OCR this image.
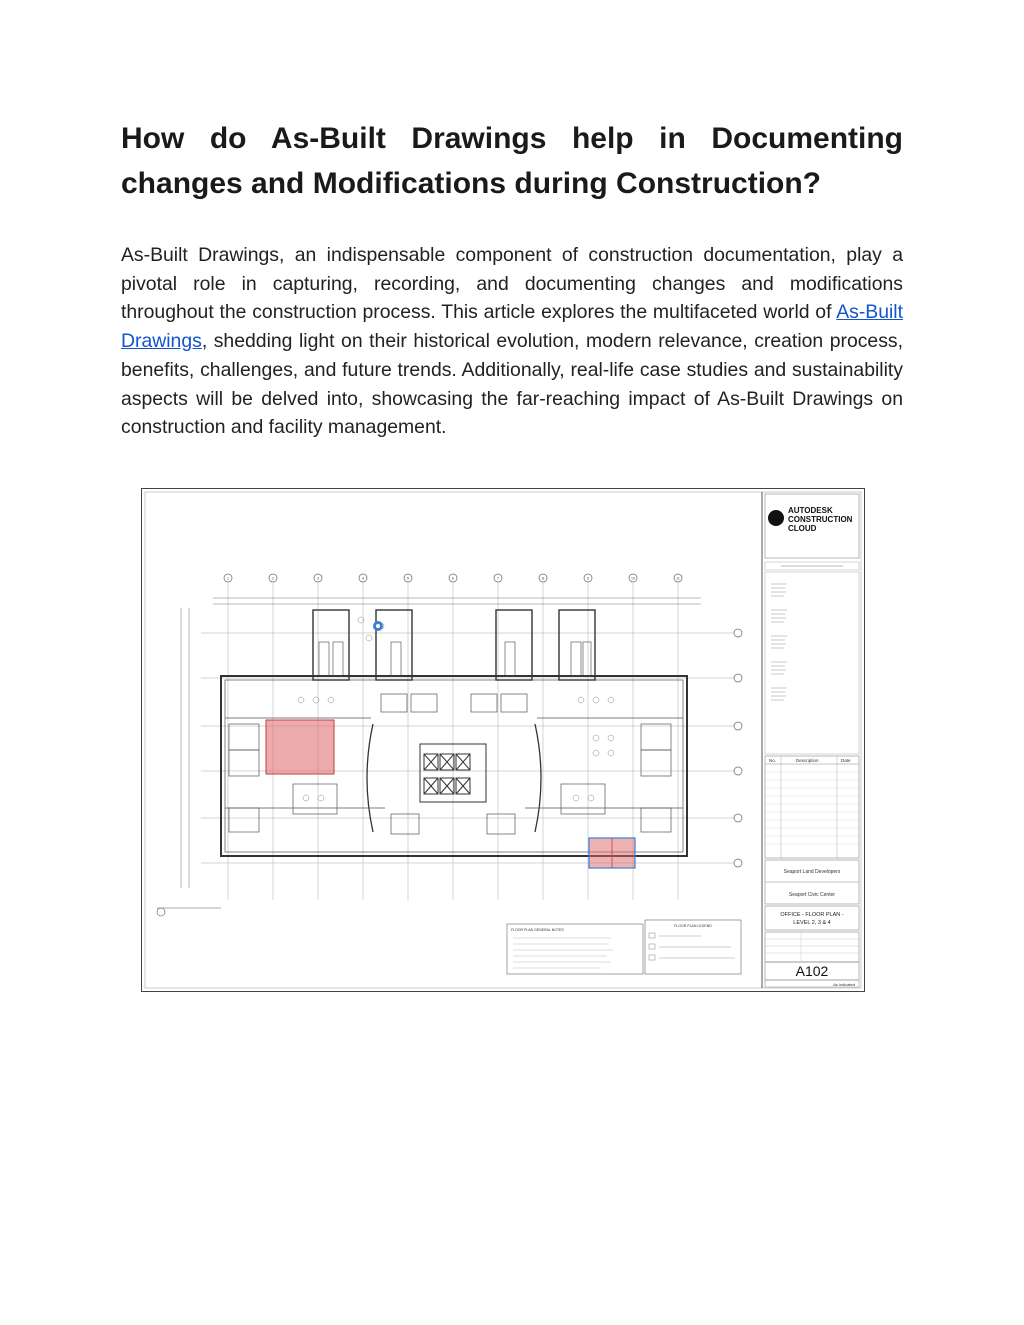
How do As-Built Drawings help in Documenting changes and Modifications during Construction?

As-Built Drawings, an indispensable component of construction documentation, play a pivotal role in capturing, recording, and documenting changes and modifications throughout the construction process. This article explores the multifaceted world of As-Built Drawings, shedding light on their historical evolution, modern relevance, creation process, benefits, challenges, and future trends. Additionally, real-life case studies and sustainability aspects will be delved into, showcasing the far-reaching impact of As-Built Drawings on construction and facility management.

AUTODESK
CONSTRUCTION
CLOUD
No.	Description	Date
Seaport Land Developers
Seaport Civic Center
OFFICE - FLOOR PLAN -
LEVEL 2, 3 & 4
A102
As indicated
1	2	3	4	5	6	7	8	9	10	11
FLOOR PLAN GENERAL NOTES
FLOOR PLAN LEGEND
